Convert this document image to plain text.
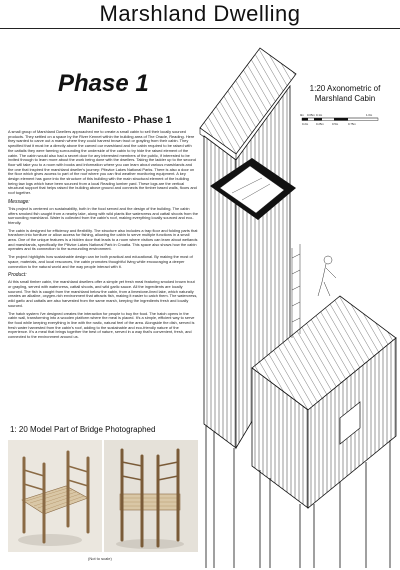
Marshland Dwelling
Phase 1
Manifesto - Phase 1

A small group of Marshland Dwellers approached me to create a small cabin to sell their locally sourced products. They settled on a space by the River Kennet within the building area of The Oracle, Reading. Here they wanted to carve out a marsh where they could harvest brown trout or grayling from their cabin. They specified that it must be a directly above the carved our marshland and the cabin required to be raised with the cattails they were farming surrounding the underside of the cabin to try hide the raised element of the cabin. The cabin would also had a secret door for any interested members of the public, if interested to be invited through to learn more about the work being done with the dwellers. Taking the ladder up to the second floor will take you to a room with books and information where you can learn about various marshlands and the one that inspired the marshland dweller's journey: Pitsvice Lakes National Parks. There is also a door on the floor which gives access to part of the roof where you can find weather monitoring equipment. A key design element has gone into the structure of this building with the main structural element of the building being taw logs which have been sourced from a local Reading lumber yard. These logs are the vertical structural support that helps raised the building above ground and connects the timber based walls, floors and roof together.

Message:

This project is centered on sustainability, both in the food served and the design of the building. The cabin offers smoked fish caught from a nearby lake, along with wild plants like watercress and cattail shoots from the surrounding marshland. Water is collected from the cabin's roof, making everything locally sourced and eco-friendly.

The cabin is designed for efficiency and flexibility. The structure also includes a trap floor and folding parts that transform into furniture or allow access for fishing, allowing the cabin to serve multiple functions in a small area. One of the unique features is a hidden door that leads to a room where visitors can learn about wetlands and marshlands, specifically the Plitvice Lakes National Park in Croatia. This space also shows how the cabin operates and its connection to the surrounding environment.

The project highlights how sustainable design can be both practical and educational. By making the most of space, materials, and local resources, the cabin promotes thoughtful living while encouraging a deeper connection to the natural world and the way people interact with it.

Product:

At this small timber cabin, the marshland dwellers offer a simple yet fresh meal featuring smoked brown trout or grayling, served with watercress, cattail shoots, and wild garlic sauce. All the ingredients are locally sourced. The fish is caught from the marshland below the cabin, from a limestone-lined lake, which naturally creates an alkaline, oxygen-rich environment that attracts fish, making it easier to catch them. The watercress, wild garlic and cattails are also harvested from the same marsh, keeping the ingredients fresh and locally sourced.

The hatch system I've designed creates the interaction for people to buy the food. The hatch opens in the cabin wall, transforming into a wooden platform where the meal is placed. It's a simple, efficient way to serve the food while keeping everything in line with the rustic, natural feel of the area. Alongside the dish, served is fresh water harvested from the cabin's roof, adding to the sustainable and eco-friendly nature of the experience. It's a meal that brings together the best of nature, served in a way that's convenient, fresh, and connected to the environment around us.

1:20 Axonometric of Marshland Cabin
0m 0.05m 0.1m
0.2m	0.25m	0.5m
1.0m
0.75m
1: 20 Model Part of Bridge Photographed
(Not to scale)
